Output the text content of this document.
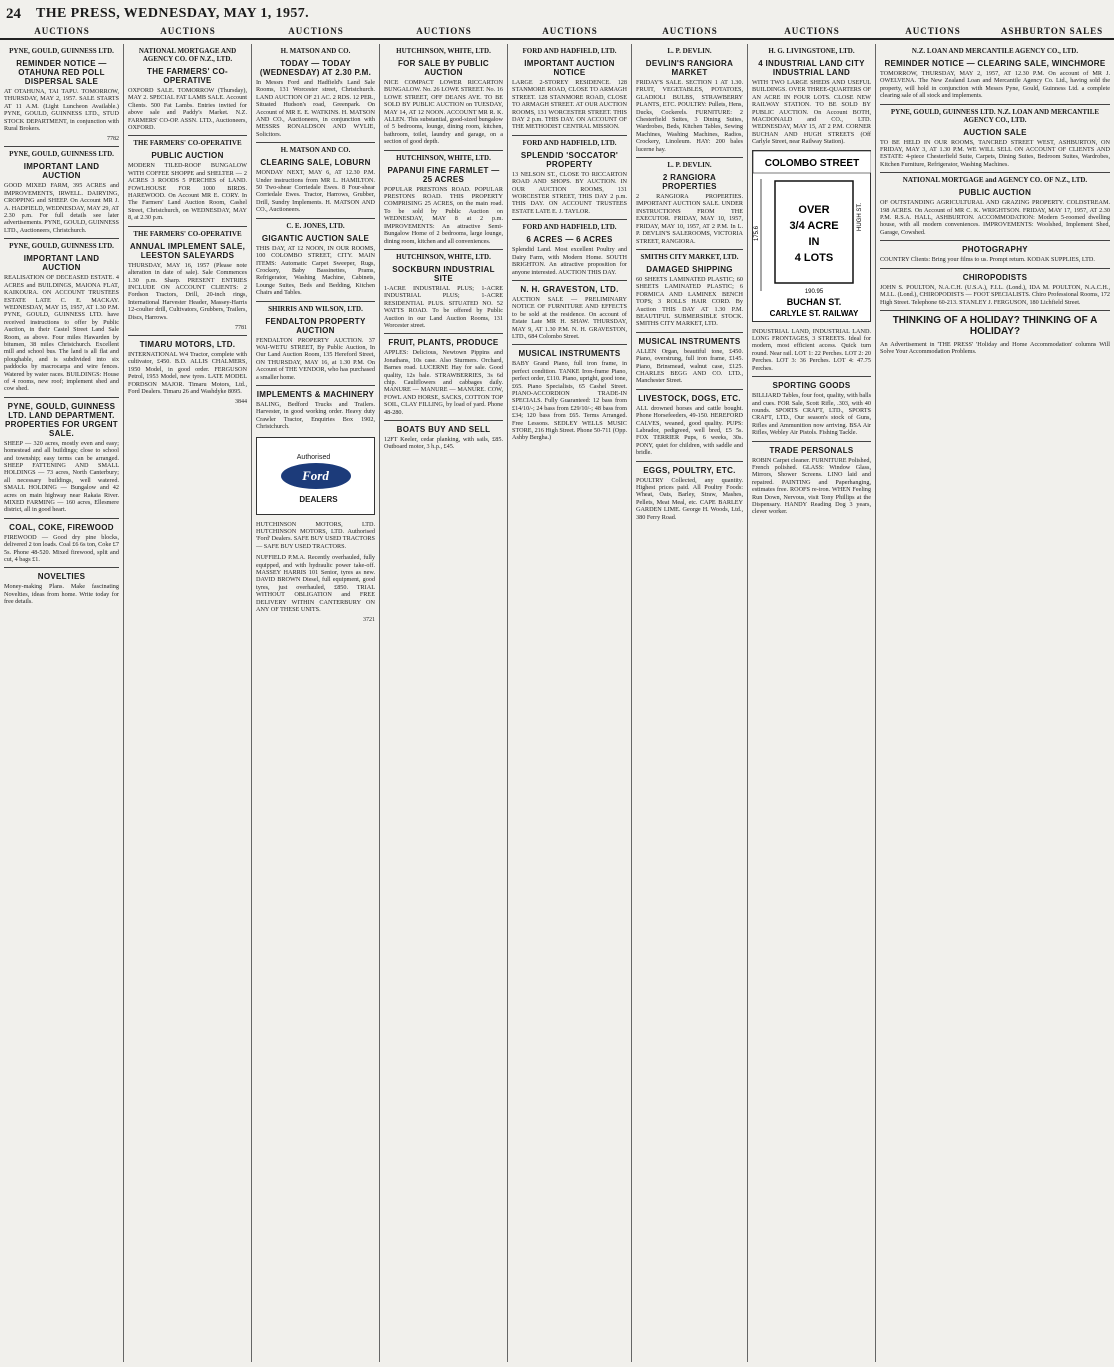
24 THE PRESS, WEDNESDAY, MAY 1, 1957.
AUCTIONS	AUCTIONS	AUCTIONS	AUCTIONS	AUCTIONS	AUCTIONS	AUCTIONS	AUCTIONS	ASHBURTON SALES
PYNE, GOULD, GUINNESS LTD.
REMINDER NOTICE — OTAHUNA RED POLL DISPERSAL SALE

AT OTAHUNA, TAI TAPU. TOMORROW, THURSDAY, MAY 2, 1957. SALE STARTS AT 11 A.M. (Light Luncheon Available.) PYNE, GOULD, GUINNESS LTD., STUD STOCK DEPARTMENT, in conjunction with Rural Brokers.

7782
PYNE, GOULD, GUINNESS LTD.
IMPORTANT LAND AUCTION

GOOD MIXED FARM, 395 ACRES and IMPROVEMENTS, IRWELL. DAIRYING, CROPPING and SHEEP. On Account MR J. A. HADFIELD, WEDNESDAY, MAY 29, AT 2.30 p.m. For full details see later advertisements. PYNE, GOULD, GUINNESS LTD., Auctioneers, Christchurch.

PYNE, GOULD, GUINNESS LTD.
IMPORTANT LAND AUCTION

REALISATION OF DECEASED ESTATE. 4 ACRES and BUILDINGS, MAIONA FLAT, KAIKOURA. ON ACCOUNT TRUSTEES ESTATE LATE C. E. MACKAY. WEDNESDAY, MAY 15, 1957, AT 1.30 P.M. PYNE, GOULD, GUINNESS LTD. have received instructions to offer by Public Auction, in their Castel Street Land Sale Room, as above. Four miles Hawarden by bitumen, 38 miles Christchurch. Excellent mill and school bus. The land is all flat and ploughable, and is subdivided into six paddocks by macrocarpa and wire fences. Watered by water races. BUILDINGS: House of 4 rooms, new roof; implement shed and cow shed.

PYNE, GOULD, GUINNESS LTD. LAND DEPARTMENT. PROPERTIES FOR URGENT SALE.

SHEEP — 320 acres, mostly even and easy; homestead and all buildings; close to school and township; easy terms can be arranged. SHEEP FATTENING AND SMALL HOLDINGS — 73 acres, North Canterbury; all necessary buildings, well watered. SMALL HOLDING — Bungalow and 42 acres on main highway near Rakaia River. MIXED FARMING — 160 acres, Ellesmere district, all in good heart.

COAL, COKE, FIREWOOD

FIREWOOD — Good dry pine blocks, delivered 2 ton loads. Coal £6 6s ton, Coke £7 5s. Phone 48-520. Mixed firewood, split and cut, 4 bags £1.

NOVELTIES

Money-making Plans. Make fascinating Novelties, ideas from home. Write today for free details.

NATIONAL MORTGAGE AND AGENCY CO. OF N.Z., LTD.
THE FARMERS' CO-OPERATIVE

OXFORD SALE. TOMORROW (Thursday), MAY 2. SPECIAL FAT LAMB SALE. Account Clients. 500 Fat Lambs. Entries invited for above sale and Paddy's Market. N.Z. FARMERS' CO-OP. ASSN. LTD., Auctioneers, OXFORD.

THE FARMERS' CO-OPERATIVE
PUBLIC AUCTION

MODERN TILED-ROOF BUNGALOW WITH COFFEE SHOPPE and SHELTER — 2 ACRES 3 ROODS 5 PERCHES of LAND. FOWLHOUSE FOR 1000 BIRDS. HAREWOOD. On Account MR E. CORY. In The Farmers' Land Auction Room, Cashel Street, Christchurch, on WEDNESDAY, MAY 8, at 2.30 p.m.

THE FARMERS' CO-OPERATIVE
ANNUAL IMPLEMENT SALE, LEESTON SALEYARDS

THURSDAY, MAY 16, 1957 (Please note alteration in date of sale). Sale Commences 1.30 p.m. Sharp. PRESENT ENTRIES INCLUDE ON ACCOUNT CLIENTS: 2 Fordson Tractors, Drill, 20-inch rings, International Harvester Header, Massey-Harris 12-coulter drill, Cultivators, Grubbers, Trailers, Discs, Harrows.

7781
TIMARU MOTORS, LTD.

INTERNATIONAL W4 Tractor, complete with cultivator, £450. B.D. ALLIS CHALMERS, 1950 Model, in good order. FERGUSON Petrol, 1953 Model, new tyres. LATE MODEL FORDSON MAJOR. Timaru Motors, Ltd., Ford Dealers. Timaru 26 and Washdyke 8095.

3844
H. MATSON AND CO.
TODAY — TODAY (WEDNESDAY) AT 2.30 P.M.

In Messrs Ford and Hadfield's Land Sale Rooms, 131 Worcester street, Christchurch. LAND AUCTION OF 21 AC. 2 RDS. 12 PER., Situated Hudson's road, Greenpark. On Account of MR E. E. WATKINS. H. MATSON AND CO., Auctioneers, in conjunction with MESSRS RONALDSON AND WYLIE, Solicitors.

H. MATSON AND CO.
CLEARING SALE, LOBURN

MONDAY NEXT, MAY 6, AT 12.30 P.M. Under instructions from MR L. HAMILTON. 50 Two-shear Corriedale Ewes. 8 Four-shear Corriedale Ewes. Tractor, Harrows, Grubber, Drill, Sundry Implements. H. MATSON AND CO., Auctioneers.

C. E. JONES, LTD.
GIGANTIC AUCTION SALE

THIS DAY, AT 12 NOON, IN OUR ROOMS, 100 COLOMBO STREET, CITY. MAIN ITEMS: Automatic Carpet Sweeper, Rugs, Crockery, Baby Bassinettes, Prams, Refrigerator, Washing Machine, Cabinets, Lounge Suites, Beds and Bedding, Kitchen Chairs and Tables.

SHIRRIS AND WILSON, LTD.
FENDALTON PROPERTY AUCTION

FENDALTON PROPERTY AUCTION. 37 WAI-WETU STREET, By Public Auction, In Our Land Auction Room, 135 Hereford Street, ON THURSDAY, MAY 16, at 1.30 P.M. On Account of THE VENDOR, who has purchased a smaller home.

IMPLEMENTS & MACHINERY

BALING, Bedford Trucks and Trailers. Harvester, in good working order. Heavy duty Crawler Tractor, Enquiries Box 1902, Christchurch.

Authorised Ford DEALERS

HUTCHINSON MOTORS, LTD. HUTCHINSON MOTORS, LTD. Authorised 'Ford' Dealers. SAFE BUY USED TRACTORS — SAFE BUY USED TRACTORS.

NUFFIELD P.M.A. Recently overhauled, fully equipped, and with hydraulic power take-off. MASSEY HARRIS 101 Senior, tyres as new. DAVID BROWN Diesel, full equipment, good tyres, just overhauled, £850. TRIAL WITHOUT OBLIGATION and FREE DELIVERY WITHIN CANTERBURY ON ANY OF THESE UNITS.

3721
HUTCHINSON, WHITE, LTD.
FOR SALE BY PUBLIC AUCTION

NICE COMPACT LOWER RICCARTON BUNGALOW. No. 26 LOWE STREET. No. 16 LOWE STREET, OFF DEANS AVE. TO BE SOLD BY PUBLIC AUCTION on TUESDAY, MAY 14, AT 12 NOON. ACCOUNT MR R. K. ALLEN. This substantial, good-sized bungalow of 5 bedrooms, lounge, dining room, kitchen, bathroom, toilet, laundry and garage, on a section of good depth.

HUTCHINSON, WHITE, LTD.
PAPANUI FINE FARMLET — 25 ACRES

POPULAR PRESTONS ROAD. POPULAR PRESTONS ROAD. THIS PROPERTY COMPRISING 25 ACRES, on the main road. To be sold by Public Auction on WEDNESDAY, MAY 8 at 2 p.m. IMPROVEMENTS: An attractive Semi-Bungalow Home of 2 bedrooms, large lounge, dining room, kitchen and all conveniences.

HUTCHINSON, WHITE, LTD.
SOCKBURN INDUSTRIAL SITE

1-ACRE INDUSTRIAL PLUS; 1-ACRE INDUSTRIAL PLUS; 1-ACRE RESIDENTIAL PLUS. SITUATED NO. 52 WATTS ROAD. To be offered by Public Auction in our Land Auction Rooms, 131 Worcester street.

FRUIT, PLANTS, PRODUCE

APPLES: Delicious, Newtown Pippins and Jonathans, 10s case. Also Sturmers. Orchard, Barnes road. LUCERNE Hay for sale. Good quality, 12s bale. STRAWBERRIES, 3s 6d chip. Cauliflowers and cabbages daily. MANURE — MANURE — MANURE. COW, FOWL AND HORSE, SACKS, COTTON TOP SOIL, CLAY FILLING, by load of yard. Phone 48-280.

BOATS BUY AND SELL

12FT Keeler, cedar planking, with sails, £85. Outboard motor, 3 h.p., £45.

FORD AND HADFIELD, LTD.
IMPORTANT AUCTION NOTICE

LARGE 2-STOREY RESIDENCE. 128 STANMORE ROAD, CLOSE TO ARMAGH STREET. 128 STANMORE ROAD, CLOSE TO ARMAGH STREET. AT OUR AUCTION ROOMS, 131 WORCESTER STREET. THIS DAY 2 p.m. THIS DAY. ON ACCOUNT OF THE METHODIST CENTRAL MISSION.

FORD AND HADFIELD, LTD.
SPLENDID 'SOCCATOR' PROPERTY

13 NELSON ST., CLOSE TO RICCARTON ROAD AND SHOPS. BY AUCTION. IN OUR AUCTION ROOMS, 131 WORCESTER STREET, THIS DAY 2 p.m. THIS DAY. ON ACCOUNT TRUSTEES ESTATE LATE E. J. TAYLOR.

FORD AND HADFIELD, LTD.
6 ACRES — 6 ACRES

Splendid Land. Most excellent Poultry and Dairy Farm, with Modern Home. SOUTH BRIGHTON. An attractive proposition for anyone interested. AUCTION THIS DAY.

N. H. GRAVESTON, LTD.

AUCTION SALE — PRELIMINARY NOTICE OF FURNITURE AND EFFECTS to be sold at the residence. On account of Estate Late MR H. SHAW. THURSDAY, MAY 9, AT 1.30 P.M. N. H. GRAVESTON, LTD., 684 Colombo Street.

MUSICAL INSTRUMENTS

BABY Grand Piano, full iron frame, in perfect condition. TANKE Iron-frame Piano, perfect order, £110. Piano, upright, good tone, £65. Piano Specialists, 65 Cashel Street. PIANO-ACCORDION TRADE-IN SPECIALS. Fully Guaranteed: 12 bass from £14/10/-; 24 bass from £29/10/-; 48 bass from £34; 120 bass from £65. Terms Arranged. Free Lessons. SEDLEY WELLS MUSIC STORE, 216 High Street. Phone 50-711 (Opp. Ashby Bergha.)

L. P. DEVLIN.
DEVLIN'S RANGIORA MARKET

FRIDAY'S SALE. SECTION 1 AT 1.30. FRUIT, VEGETABLES, POTATOES, GLADIOLI BULBS, STRAWBERRY PLANTS, ETC. POULTRY: Pullets, Hens, Ducks, Cockerels. FURNITURE: 2 Chesterfield Suites, 3 Dining Suites, Wardrobes, Beds, Kitchen Tables, Sewing Machines, Washing Machines, Radios, Crockery, Linoleum. HAY: 200 bales lucerne hay.

L. P. DEVLIN.
2 RANGIORA PROPERTIES

2 RANGIORA PROPERTIES. IMPORTANT AUCTION SALE. UNDER INSTRUCTIONS FROM THE EXECUTOR. FRIDAY, MAY 10, 1957, FRIDAY, MAY 10, 1957, AT 2 P.M. In L. P. DEVLIN'S SALEROOMS, VICTORIA STREET, RANGIORA.

SMITHS CITY MARKET, LTD.
DAMAGED SHIPPING

60 SHEETS LAMINATED PLASTIC; 60 SHEETS LAMINATED PLASTIC; 6 FORMICA AND LAMINEX BENCH TOPS; 3 ROLLS HAIR CORD. By Auction THIS DAY AT 1.30 P.M. BEAUTIFUL SUBMERSIBLE STOCK. SMITHS CITY MARKET, LTD.

MUSICAL INSTRUMENTS

ALLEN Organ, beautiful tone, £450. Piano, overstrung, full iron frame, £145. Piano, Brinsmead, walnut case, £125. CHARLES BEGG AND CO. LTD., Manchester Street.

LIVESTOCK, DOGS, ETC.

ALL drowned horses and cattle bought. Phone Horsefeeders, 49-150. HEREFORD CALVES, weaned, good quality. PUPS: Labrador, pedigreed, well bred, £5 5s. FOX TERRIER Pups, 6 weeks, 30s. PONY, quiet for children, with saddle and bridle.

EGGS, POULTRY, ETC.

POULTRY Collected, any quantity. Highest prices paid. All Poultry Foods: Wheat, Oats, Barley, Straw, Mashes, Pellets, Meat Meal, etc. CAPE BARLEY GARDEN LIME. George H. Woods, Ltd., 380 Ferry Road.

H. G. LIVINGSTONE, LTD.
4 INDUSTRIAL LAND CITY INDUSTRIAL LAND

WITH TWO LARGE SHEDS AND USEFUL BUILDINGS. OVER THREE-QUARTERS OF AN ACRE IN FOUR LOTS. CLOSE NEW RAILWAY STATION. TO BE SOLD BY PUBLIC AUCTION. On Account BOTH, MACDONALD and CO., LTD. WEDNESDAY, MAY 15, AT 2 P.M. CORNER BUCHAN AND HUGH STREETS (Off Carlyle Street, near Railway Station).

COLOMBO STREET
175.6
OVER
3/4 ACRE
IN
4 LOTS
HUGH ST.
190.95
BUCHAN ST.
CARLYLE ST. RAILWAY

INDUSTRIAL LAND, INDUSTRIAL LAND. LONG FRONTAGES, 3 STREETS. Ideal for modern, most efficient access. Quick turn round. Near rail. LOT 1: 22 Perches. LOT 2: 20 Perches. LOT 3: 36 Perches. LOT 4: 47.75 Perches.

SPORTING GOODS

BILLIARD Tables, four foot, quality, with balls and cues. FOR Sale, Scott Rifle, .303, with 40 rounds. SPORTS CRAFT, LTD., SPORTS CRAFT, LTD., Our season's stock of Guns, Rifles and Ammunition now arriving. BSA Air Rifles, Webley Air Pistols. Fishing Tackle.

TRADE PERSONALS

ROBIN Carpet cleaner. FURNITURE Polished, French polished. GLASS: Window Glass, Mirrors, Shower Screens. LINO laid and repaired. PAINTING and Paperhanging, estimates free. ROOFS re-iron. WHEN Feeling Run Down, Nervous, visit Tony Phillips at the Dispensary. HANDY Reading Dog 3 years, clever worker.

N.Z. LOAN AND MERCANTILE AGENCY CO., LTD.
REMINDER NOTICE — CLEARING SALE, WINCHMORE

TOMORROW, THURSDAY, MAY 2, 1957, AT 12.30 P.M. On account of MR J. OWELVENA. The New Zealand Loan and Mercantile Agency Co. Ltd., having sold the property, will hold in conjunction with Messrs Pyne, Gould, Guinness Ltd. a complete clearing sale of all stock and implements.

PYNE, GOULD, GUINNESS LTD. N.Z. LOAN AND MERCANTILE AGENCY CO., LTD.
AUCTION SALE

TO BE HELD IN OUR ROOMS, TANCRED STREET WEST, ASHBURTON, ON FRIDAY, MAY 3, AT 1.30 P.M. WE WILL SELL ON ACCOUNT OF CLIENTS AND ESTATE: 4-piece Chesterfield Suite, Carpets, Dining Suites, Bedroom Suites, Wardrobes, Kitchen Furniture, Refrigerator, Washing Machines.

NATIONAL MORTGAGE and AGENCY CO. OF N.Z., LTD.
PUBLIC AUCTION

OF OUTSTANDING AGRICULTURAL AND GRAZING PROPERTY. COLDSTREAM. 198 ACRES. On Account of MR C. K. WRIGHTSON. FRIDAY, MAY 17, 1957, AT 2.30 P.M. R.S.A. HALL, ASHBURTON. ACCOMMODATION: Modern 5-roomed dwelling house, with all modern conveniences. IMPROVEMENTS: Woolshed, Implement Shed, Garage, Cowshed.

PHOTOGRAPHY

COUNTRY Clients: Bring your films to us. Prompt return. KODAK SUPPLIES, LTD.

CHIROPODISTS

JOHN S. POULTON, N.A.C.H. (U.S.A.), F.I.L. (Lond.), IDA M. POULTON, N.A.C.H., M.I.L. (Lond.), CHIROPODISTS — FOOT SPECIALISTS. Chiro Professional Rooms, 172 High Street. Telephone 60-213. STANLEY J. FERGUSON, 180 Lichfield Street.

THINKING OF A HOLIDAY? THINKING OF A HOLIDAY?

An Advertisement in 'THE PRESS' 'Holiday and Home Accommodation' columns Will Solve Your Accommodation Problems.
